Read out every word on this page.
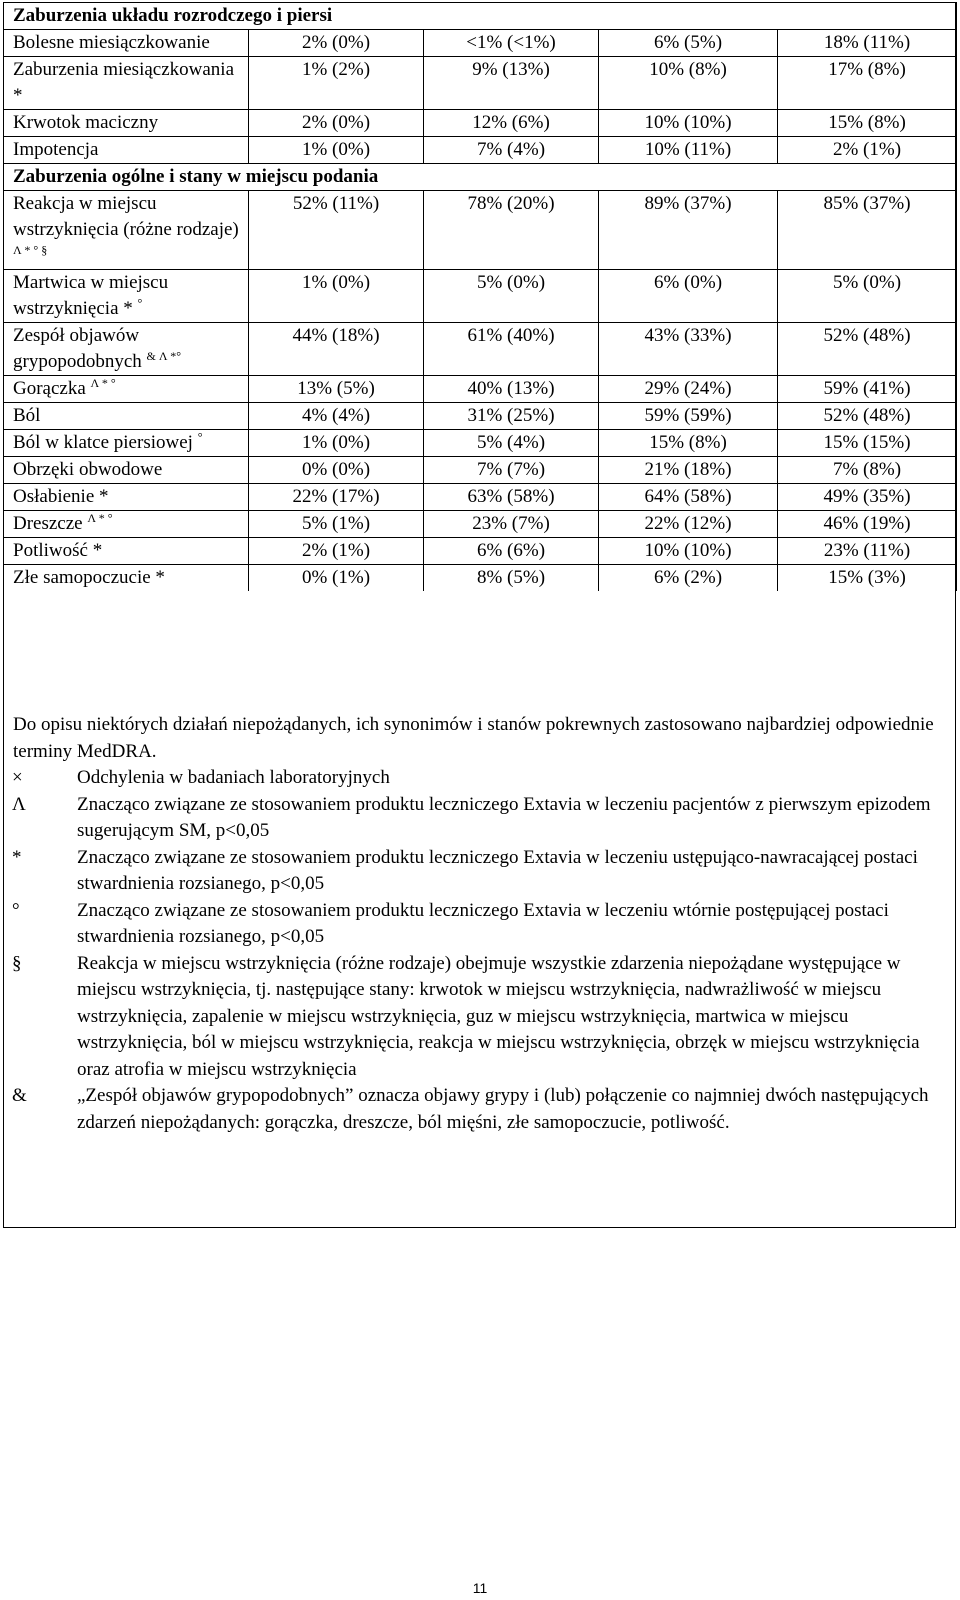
Zaburzenia układu rozrodczego i piersi				
Bolesne miesiączkowanie	2% (0%)	<1% (<1%)	6% (5%)	18% (11%)
Zaburzenia miesiączkowania *	1% (2%)	9% (13%)	10% (8%)	17% (8%)
Krwotok maciczny	2% (0%)	12% (6%)	10% (10%)	15% (8%)
Impotencja	1% (0%)	7% (4%)	10% (11%)	2% (1%)
Zaburzenia ogólne i stany w miejscu podania				
Reakcja w miejscu wstrzyknięcia (różne rodzaje) $^{\Lambda * ^\circ \S}$	52% (11%)	78% (20%)	89% (37%)	85% (37%)
Martwica w miejscu wstrzyknięcia * °	1% (0%)	5% (0%)	6% (0%)	5% (0%)
Zespół objawów grypopodobnych $^{\& \Lambda *^\circ}$	44% (18%)	61% (40%)	43% (33%)	52% (48%)
Gorączka $^{\Lambda * ^\circ}$	13% (5%)	40% (13%)	29% (24%)	59% (41%)
Ból	4% (4%)	31% (25%)	59% (59%)	52% (48%)
Ból w klatce piersiowej °	1% (0%)	5% (4%)	15% (8%)	15% (15%)
Obrzęki obwodowe	0% (0%)	7% (7%)	21% (18%)	7% (8%)
Osłabienie *	22% (17%)	63% (58%)	64% (58%)	49% (35%)
Dreszcze $^{\Lambda * ^\circ}$	5% (1%)	23% (7%)	22% (12%)	46% (19%)
Potliwość *	2% (1%)	6% (6%)	10% (10%)	23% (11%)
Złe samopoczucie *	0% (1%)	8% (5%)	6% (2%)	15% (3%)
Do opisu niektórych działań niepożądanych, ich synonimów i stanów pokrewnych zastosowano najbardziej odpowiednie terminy MedDRA.
×	Odchylenia w badaniach laboratoryjnych
Λ	Znacząco związane ze stosowaniem produktu leczniczego Extavia w leczeniu pacjentów z pierwszym epizodem sugerującym SM, p<0,05
*	Znacząco związane ze stosowaniem produktu leczniczego Extavia w leczeniu ustępująco-nawracającej postaci stwardnienia rozsianego, p<0,05
°	Znacząco związane ze stosowaniem produktu leczniczego Extavia w leczeniu wtórnie postępującej postaci stwardnienia rozsianego, p<0,05
§	Reakcja w miejscu wstrzyknięcia (różne rodzaje) obejmuje wszystkie zdarzenia niepożądane występujące w miejscu wstrzyknięcia, tj. następujące stany: krwotok w miejscu wstrzyknięcia, nadwrażliwość w miejscu wstrzyknięcia, zapalenie w miejscu wstrzyknięcia, guz w miejscu wstrzyknięcia, martwica w miejscu wstrzyknięcia, ból w miejscu wstrzyknięcia, reakcja w miejscu wstrzyknięcia, obrzęk w miejscu wstrzyknięcia oraz atrofia w miejscu wstrzyknięcia
&	„Zespół objawów grypopodobnych” oznacza objawy grypy i (lub) połączenie co najmniej dwóch następujących zdarzeń niepożądanych: gorączka, dreszcze, ból mięśni, złe samopoczucie, potliwość.
11
